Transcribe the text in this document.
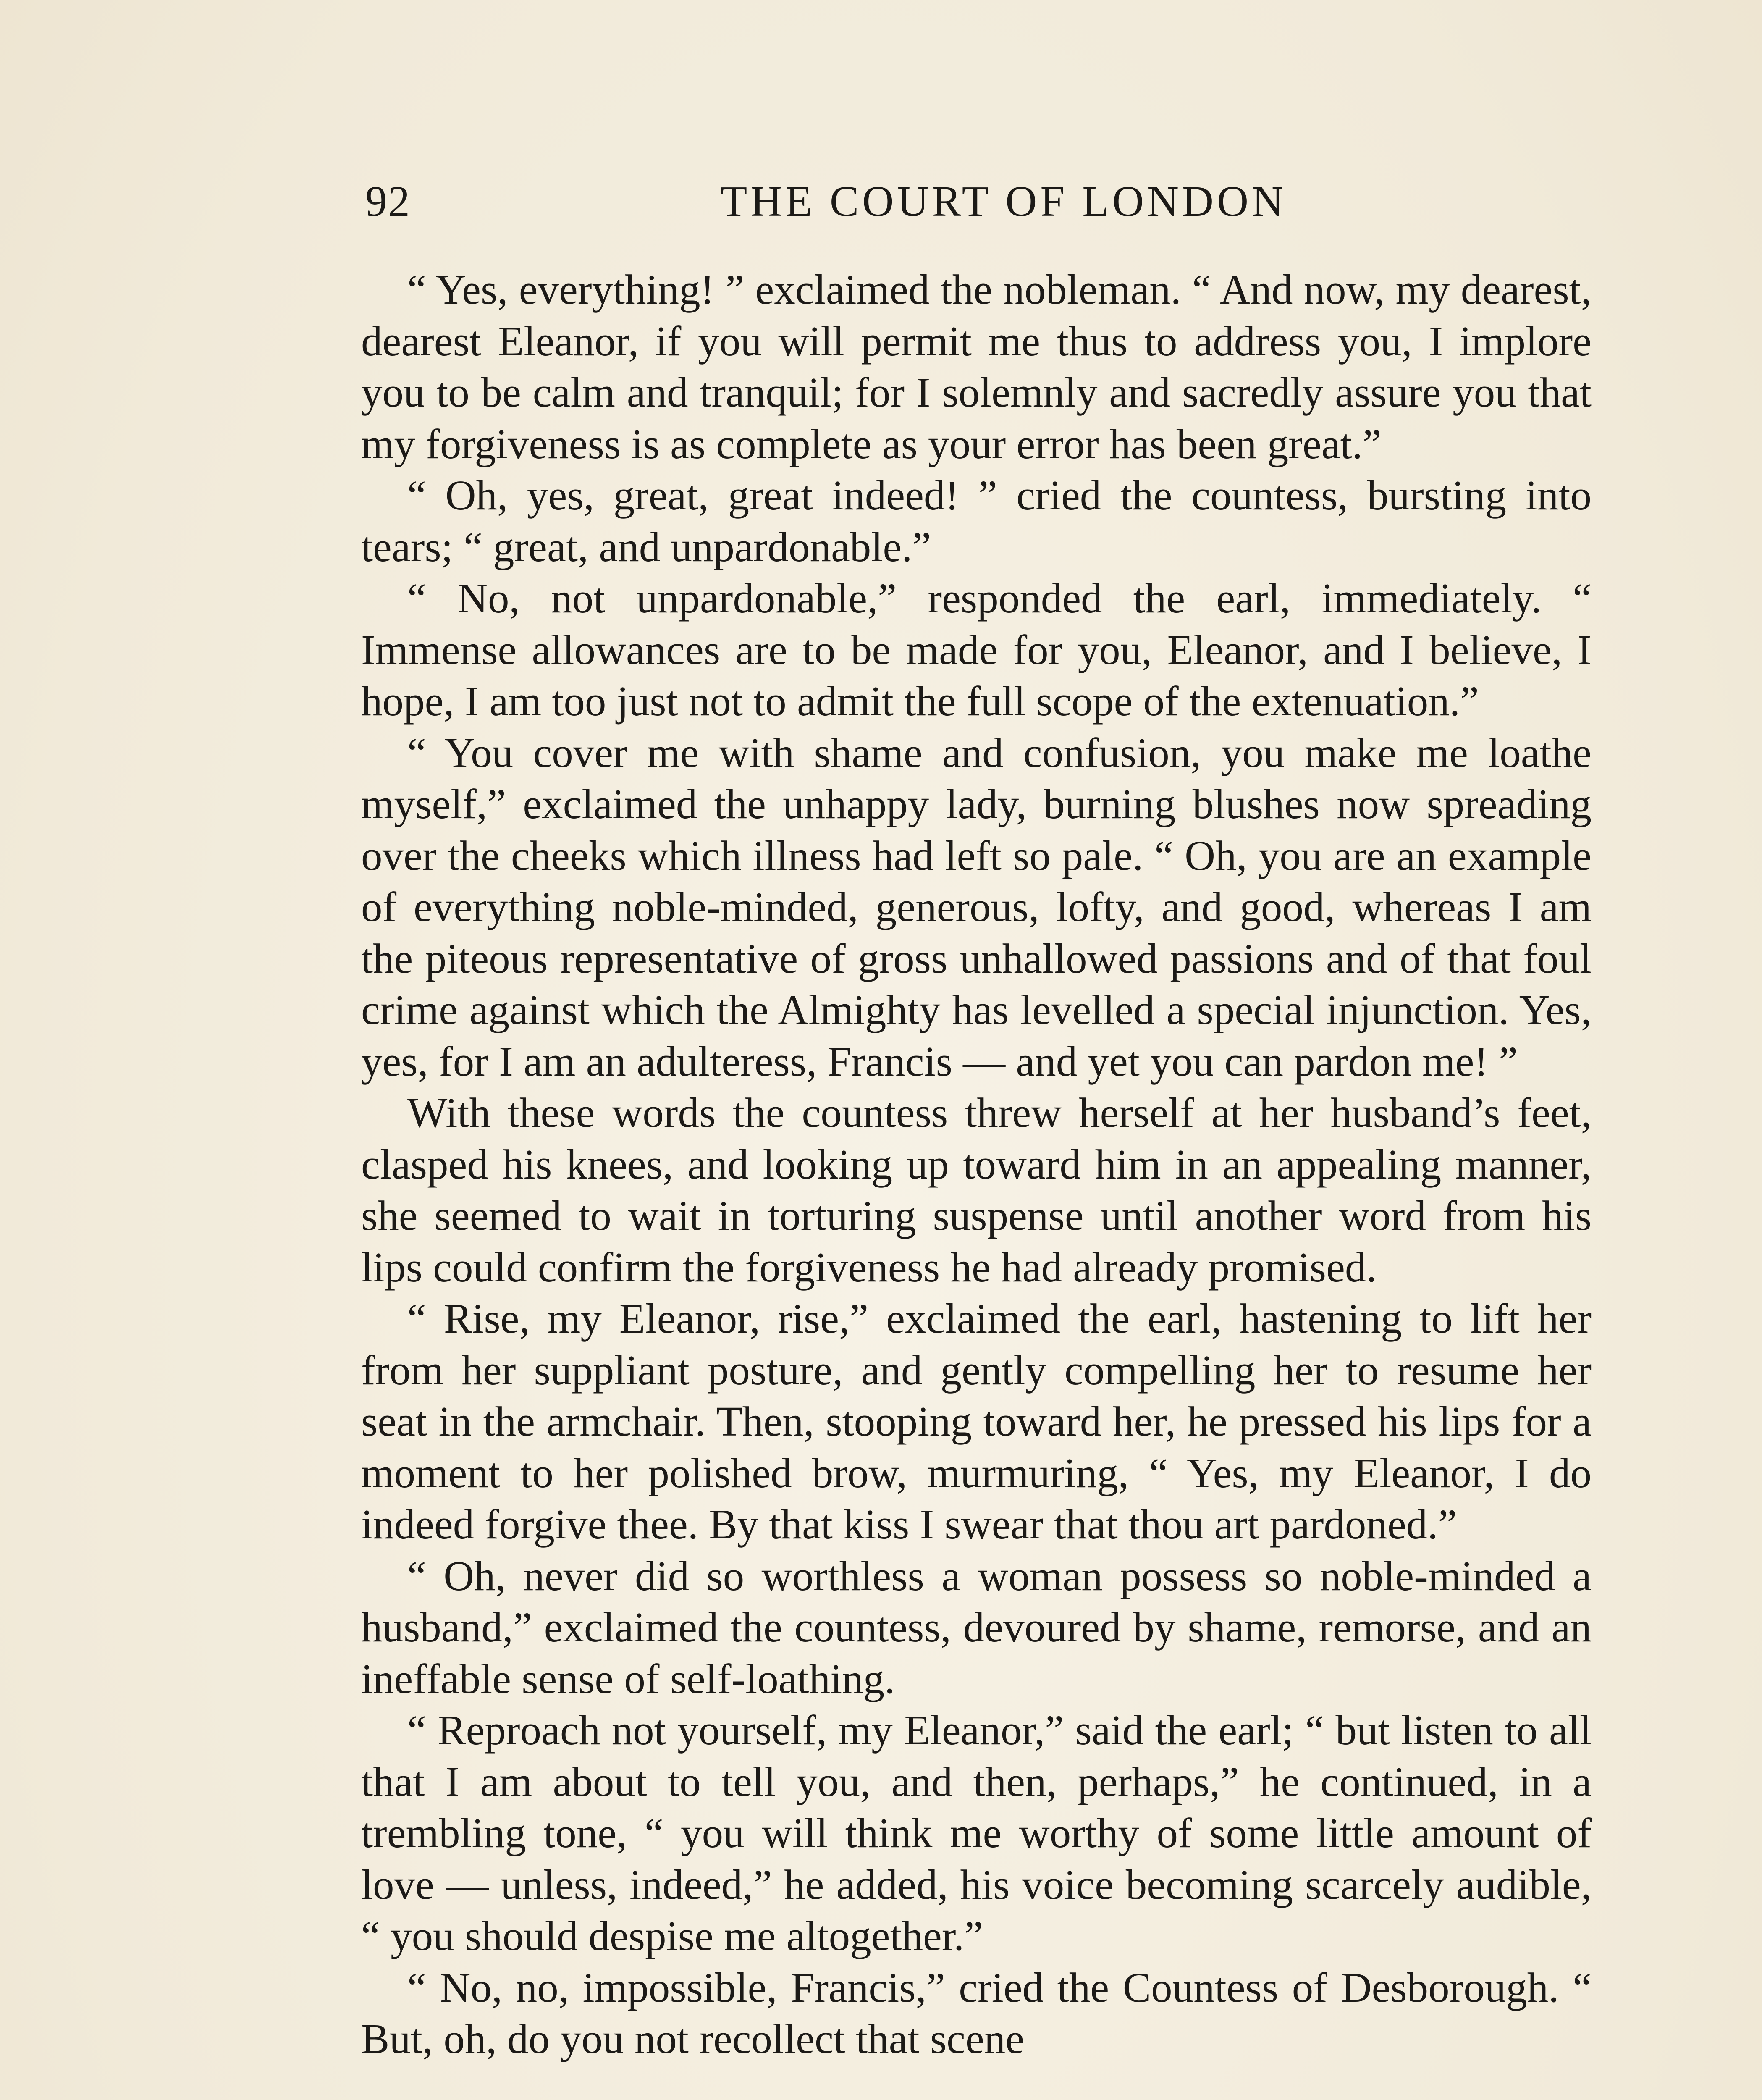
92	THE COURT OF LONDON

“ Yes, everything! ” exclaimed the nobleman. “ And now, my dearest, dearest Eleanor, if you will permit me thus to address you, I implore you to be calm and tranquil; for I solemnly and sacredly assure you that my forgiveness is as complete as your error has been great.”

“ Oh, yes, great, great indeed! ” cried the countess, bursting into tears; “ great, and unpardonable.”

“ No, not unpardonable,” responded the earl, immediately. “ Immense allowances are to be made for you, Eleanor, and I believe, I hope, I am too just not to admit the full scope of the extenuation.”

“ You cover me with shame and confusion, you make me loathe myself,” exclaimed the unhappy lady, burning blushes now spreading over the cheeks which illness had left so pale. “ Oh, you are an example of everything noble-minded, generous, lofty, and good, whereas I am the piteous representative of gross unhallowed passions and of that foul crime against which the Almighty has levelled a special injunction. Yes, yes, for I am an adulteress, Francis — and yet you can pardon me! ”

With these words the countess threw herself at her husband’s feet, clasped his knees, and looking up toward him in an appealing manner, she seemed to wait in torturing suspense until another word from his lips could confirm the forgiveness he had already promised.

“ Rise, my Eleanor, rise,” exclaimed the earl, hastening to lift her from her suppliant posture, and gently compelling her to resume her seat in the armchair. Then, stooping toward her, he pressed his lips for a moment to her polished brow, murmuring, “ Yes, my Eleanor, I do indeed forgive thee. By that kiss I swear that thou art pardoned.”

“ Oh, never did so worthless a woman possess so noble-minded a husband,” exclaimed the countess, devoured by shame, remorse, and an ineffable sense of self-loathing.

“ Reproach not yourself, my Eleanor,” said the earl; “ but listen to all that I am about to tell you, and then, perhaps,” he continued, in a trembling tone, “ you will think me worthy of some little amount of love — unless, indeed,” he added, his voice becoming scarcely audible, “ you should despise me altogether.”

“ No, no, impossible, Francis,” cried the Countess of Desborough. “ But, oh, do you not recollect that scene
